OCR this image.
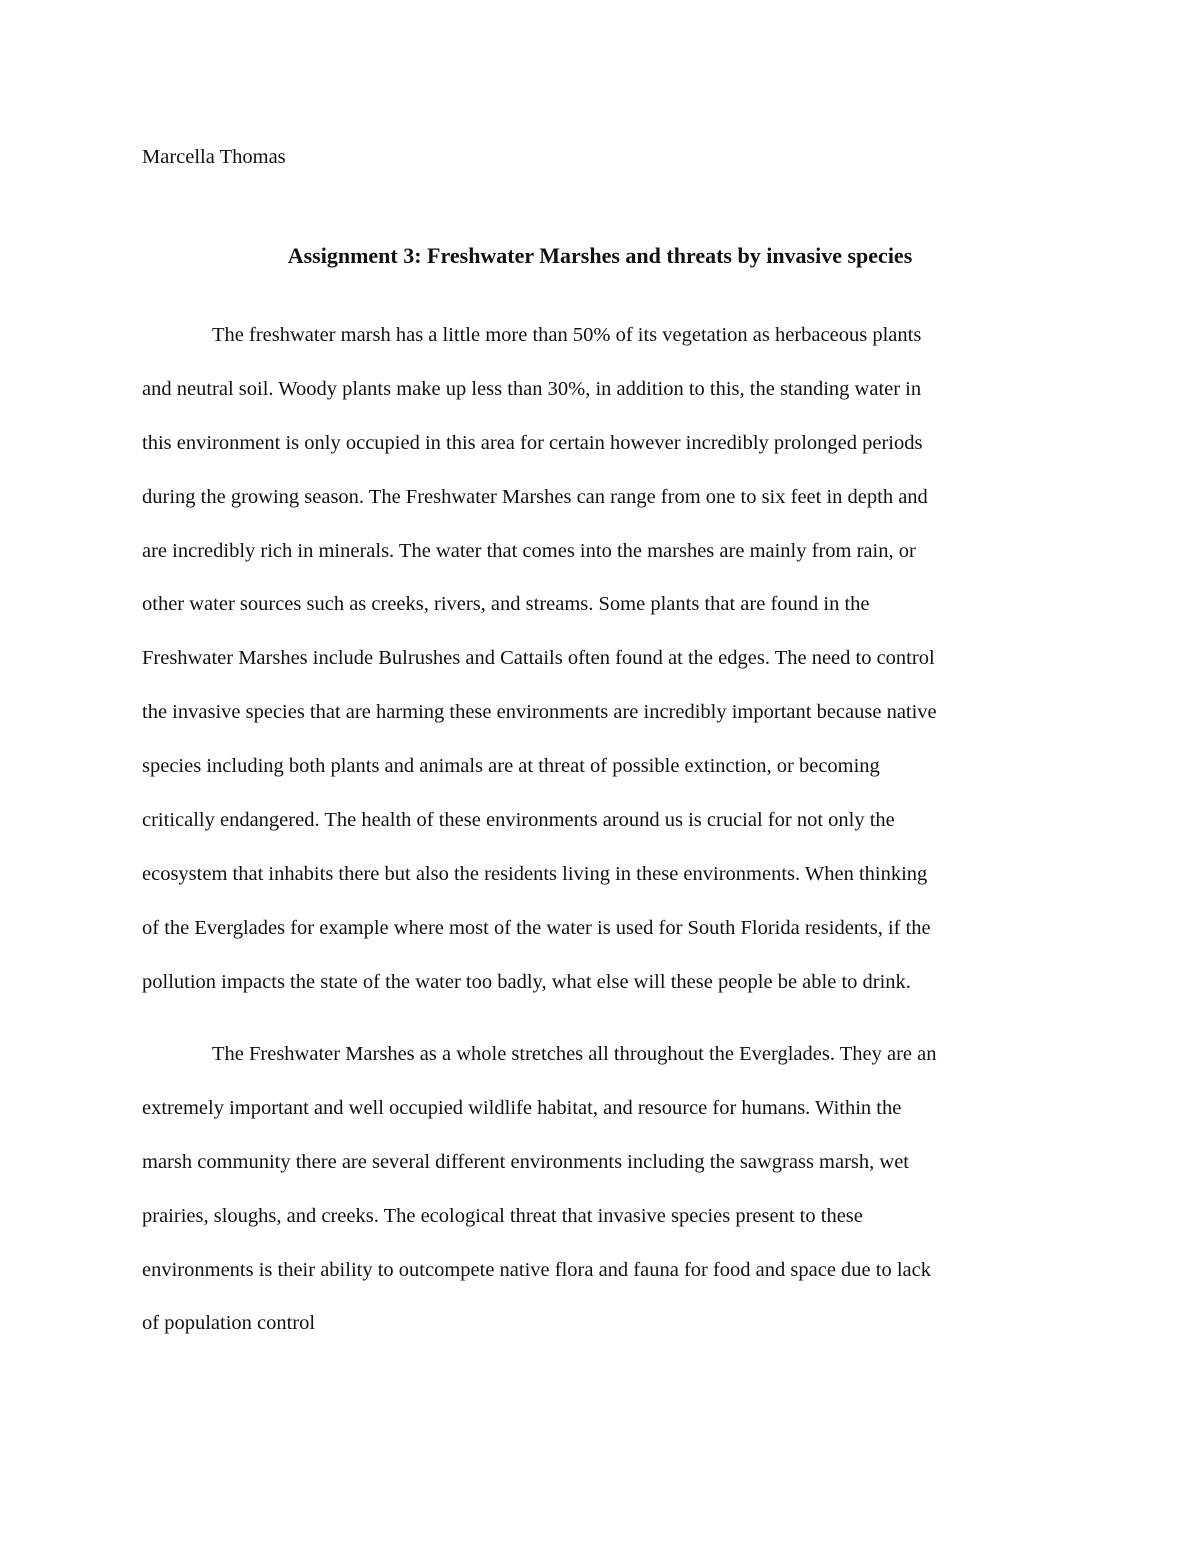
Marcella Thomas

Assignment 3: Freshwater Marshes and threats by invasive species
The freshwater marsh has a little more than 50% of its vegetation as herbaceous plants
and neutral soil. Woody plants make up less than 30%, in addition to this, the standing water in
this environment is only occupied in this area for certain however incredibly prolonged periods
during the growing season. The Freshwater Marshes can range from one to six feet in depth and
are incredibly rich in minerals. The water that comes into the marshes are mainly from rain, or
other water sources such as creeks, rivers, and streams. Some plants that are found in the
Freshwater Marshes include Bulrushes and Cattails often found at the edges. The need to control
the invasive species that are harming these environments are incredibly important because native
species including both plants and animals are at threat of possible extinction, or becoming
critically endangered. The health of these environments around us is crucial for not only the
ecosystem that inhabits there but also the residents living in these environments. When thinking
of the Everglades for example where most of the water is used for South Florida residents, if the
pollution impacts the state of the water too badly, what else will these people be able to drink.
The Freshwater Marshes as a whole stretches all throughout the Everglades. They are an
extremely important and well occupied wildlife habitat, and resource for humans. Within the
marsh community there are several different environments including the sawgrass marsh, wet
prairies, sloughs, and creeks. The ecological threat that invasive species present to these
environments is their ability to outcompete native flora and fauna for food and space due to lack
of population control
